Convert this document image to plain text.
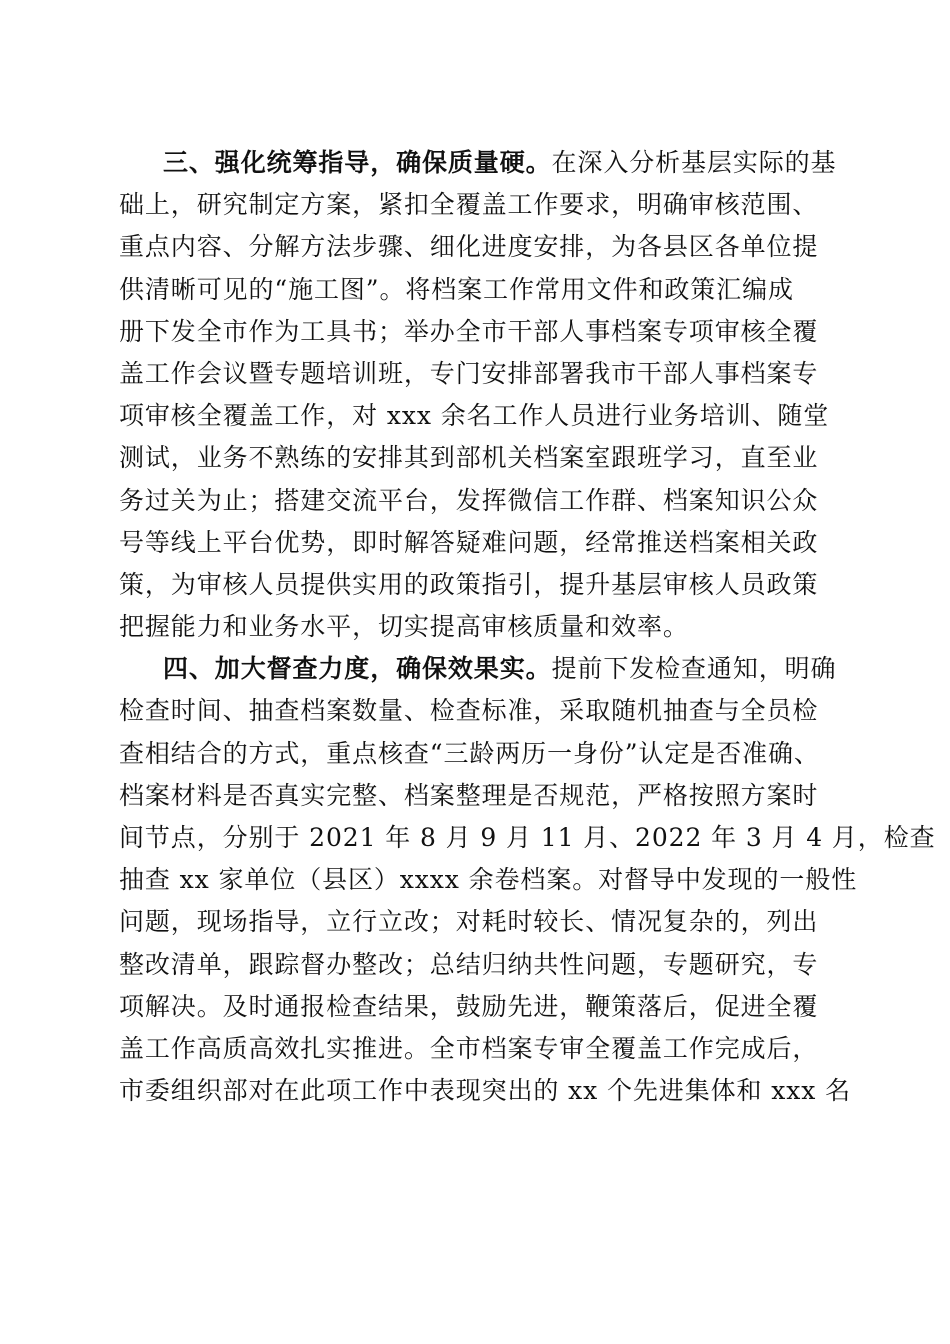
三、强化统筹指导，确保质量硬。在深入分析基层实际的基
础上，研究制定方案，紧扣全覆盖工作要求，明确审核范围、
重点内容、分解方法步骤、细化进度安排，为各县区各单位提
供清晰可见的“施工图”。将档案工作常用文件和政策汇编成
册下发全市作为工具书；举办全市干部人事档案专项审核全覆
盖工作会议暨专题培训班，专门安排部署我市干部人事档案专
项审核全覆盖工作，对 xxx 余名工作人员进行业务培训、随堂
测试，业务不熟练的安排其到部机关档案室跟班学习，直至业
务过关为止；搭建交流平台，发挥微信工作群、档案知识公众
号等线上平台优势，即时解答疑难问题，经常推送档案相关政
策，为审核人员提供实用的政策指引，提升基层审核人员政策
把握能力和业务水平，切实提高审核质量和效率。
四、加大督查力度，确保效果实。提前下发检查通知，明确
检查时间、抽查档案数量、检查标准，采取随机抽查与全员检
查相结合的方式，重点核查“三龄两历一身份”认定是否准确、
档案材料是否真实完整、档案整理是否规范，严格按照方案时
间节点，分别于 2021 年 8 月 9 月 11 月、2022 年 3 月 4 月，检查
抽查 xx 家单位（县区）xxxx 余卷档案。对督导中发现的一般性
问题，现场指导，立行立改；对耗时较长、情况复杂的，列出
整改清单，跟踪督办整改；总结归纳共性问题，专题研究，专
项解决。及时通报检查结果，鼓励先进，鞭策落后，促进全覆
盖工作高质高效扎实推进。全市档案专审全覆盖工作完成后，
市委组织部对在此项工作中表现突出的 xx 个先进集体和 xxx 名
